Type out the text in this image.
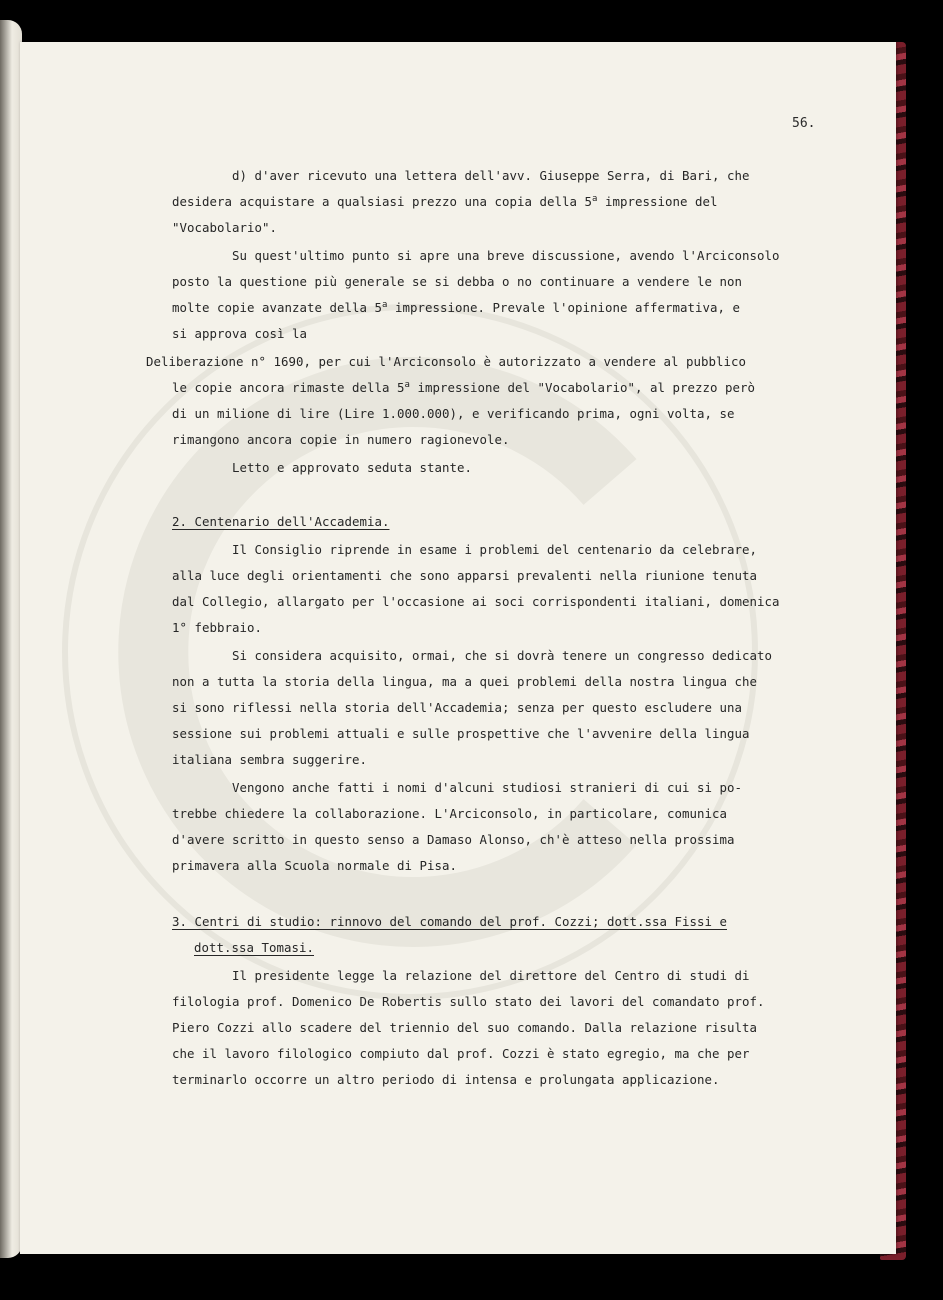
56.

d) d'aver ricevuto una lettera dell'avv. Giuseppe Serra, di Bari, che

desidera acquistare a qualsiasi prezzo una copia della 5$^a$ impressione del

"Vocabolario".

Su quest'ultimo punto si apre una breve discussione, avendo l'Arciconsolo

posto la questione più generale se si debba o no continuare a vendere le non

molte copie avanzate della 5$^a$ impressione. Prevale l'opinione affermativa, e

si approva così la

Deliberazione n° 1690, per cui l'Arciconsolo è autorizzato a vendere al pubblico

le copie ancora rimaste della 5$^a$ impressione del "Vocabolario", al prezzo però

di un milione di lire (Lire 1.000.000), e verificando prima, ogni volta, se

rimangono ancora copie in numero ragionevole.

Letto e approvato seduta stante.

2. Centenario dell'Accademia.

Il Consiglio riprende in esame i problemi del centenario da celebrare,

alla luce degli orientamenti che sono apparsi prevalenti nella riunione tenuta

dal Collegio, allargato per l'occasione ai soci corrispondenti italiani, domenica

1° febbraio.

Si considera acquisito, ormai, che si dovrà tenere un congresso dedicato

non a tutta la storia della lingua, ma a quei problemi della nostra lingua che

si sono riflessi nella storia dell'Accademia; senza per questo escludere una

sessione sui problemi attuali e sulle prospettive che l'avvenire della lingua

italiana sembra suggerire.

Vengono anche fatti i nomi d'alcuni studiosi stranieri di cui si po-

trebbe chiedere la collaborazione. L'Arciconsolo, in particolare, comunica

d'avere scritto in questo senso a Damaso Alonso, ch'è atteso nella prossima

primavera alla Scuola normale di Pisa.

3. Centri di studio: rinnovo del comando del prof. Cozzi; dott.ssa Fissi e

dott.ssa Tomasi.

Il presidente legge la relazione del direttore del Centro di studi di

filologia prof. Domenico De Robertis sullo stato dei lavori del comandato prof.

Piero Cozzi allo scadere del triennio del suo comando. Dalla relazione risulta

che il lavoro filologico compiuto dal prof. Cozzi è stato egregio, ma che per

terminarlo occorre un altro periodo di intensa e prolungata applicazione.
